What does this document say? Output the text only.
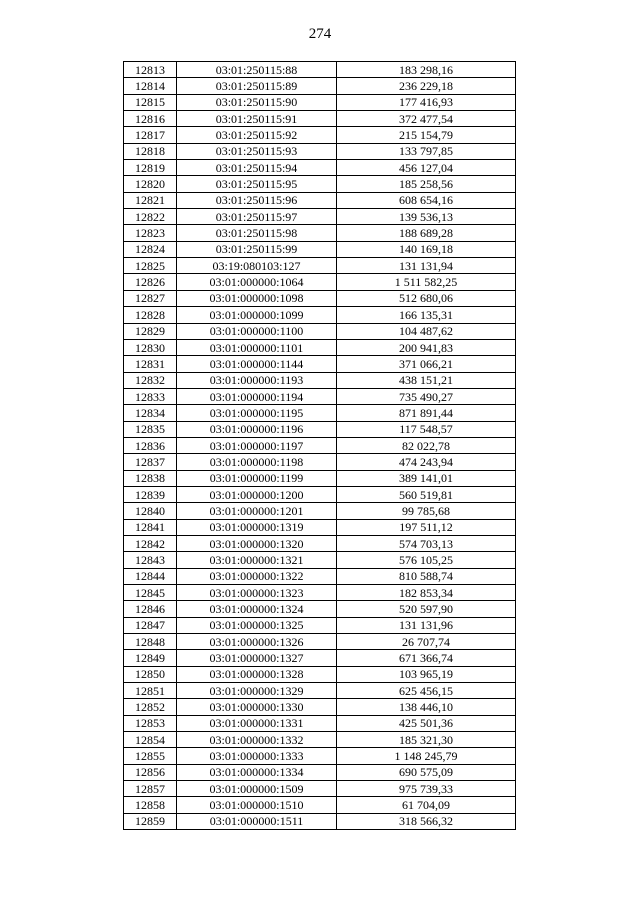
274
12813	03:01:250115:88	183 298,16
12814	03:01:250115:89	236 229,18
12815	03:01:250115:90	177 416,93
12816	03:01:250115:91	372 477,54
12817	03:01:250115:92	215 154,79
12818	03:01:250115:93	133 797,85
12819	03:01:250115:94	456 127,04
12820	03:01:250115:95	185 258,56
12821	03:01:250115:96	608 654,16
12822	03:01:250115:97	139 536,13
12823	03:01:250115:98	188 689,28
12824	03:01:250115:99	140 169,18
12825	03:19:080103:127	131 131,94
12826	03:01:000000:1064	1 511 582,25
12827	03:01:000000:1098	512 680,06
12828	03:01:000000:1099	166 135,31
12829	03:01:000000:1100	104 487,62
12830	03:01:000000:1101	200 941,83
12831	03:01:000000:1144	371 066,21
12832	03:01:000000:1193	438 151,21
12833	03:01:000000:1194	735 490,27
12834	03:01:000000:1195	871 891,44
12835	03:01:000000:1196	117 548,57
12836	03:01:000000:1197	82 022,78
12837	03:01:000000:1198	474 243,94
12838	03:01:000000:1199	389 141,01
12839	03:01:000000:1200	560 519,81
12840	03:01:000000:1201	99 785,68
12841	03:01:000000:1319	197 511,12
12842	03:01:000000:1320	574 703,13
12843	03:01:000000:1321	576 105,25
12844	03:01:000000:1322	810 588,74
12845	03:01:000000:1323	182 853,34
12846	03:01:000000:1324	520 597,90
12847	03:01:000000:1325	131 131,96
12848	03:01:000000:1326	26 707,74
12849	03:01:000000:1327	671 366,74
12850	03:01:000000:1328	103 965,19
12851	03:01:000000:1329	625 456,15
12852	03:01:000000:1330	138 446,10
12853	03:01:000000:1331	425 501,36
12854	03:01:000000:1332	185 321,30
12855	03:01:000000:1333	1 148 245,79
12856	03:01:000000:1334	690 575,09
12857	03:01:000000:1509	975 739,33
12858	03:01:000000:1510	61 704,09
12859	03:01:000000:1511	318 566,32
